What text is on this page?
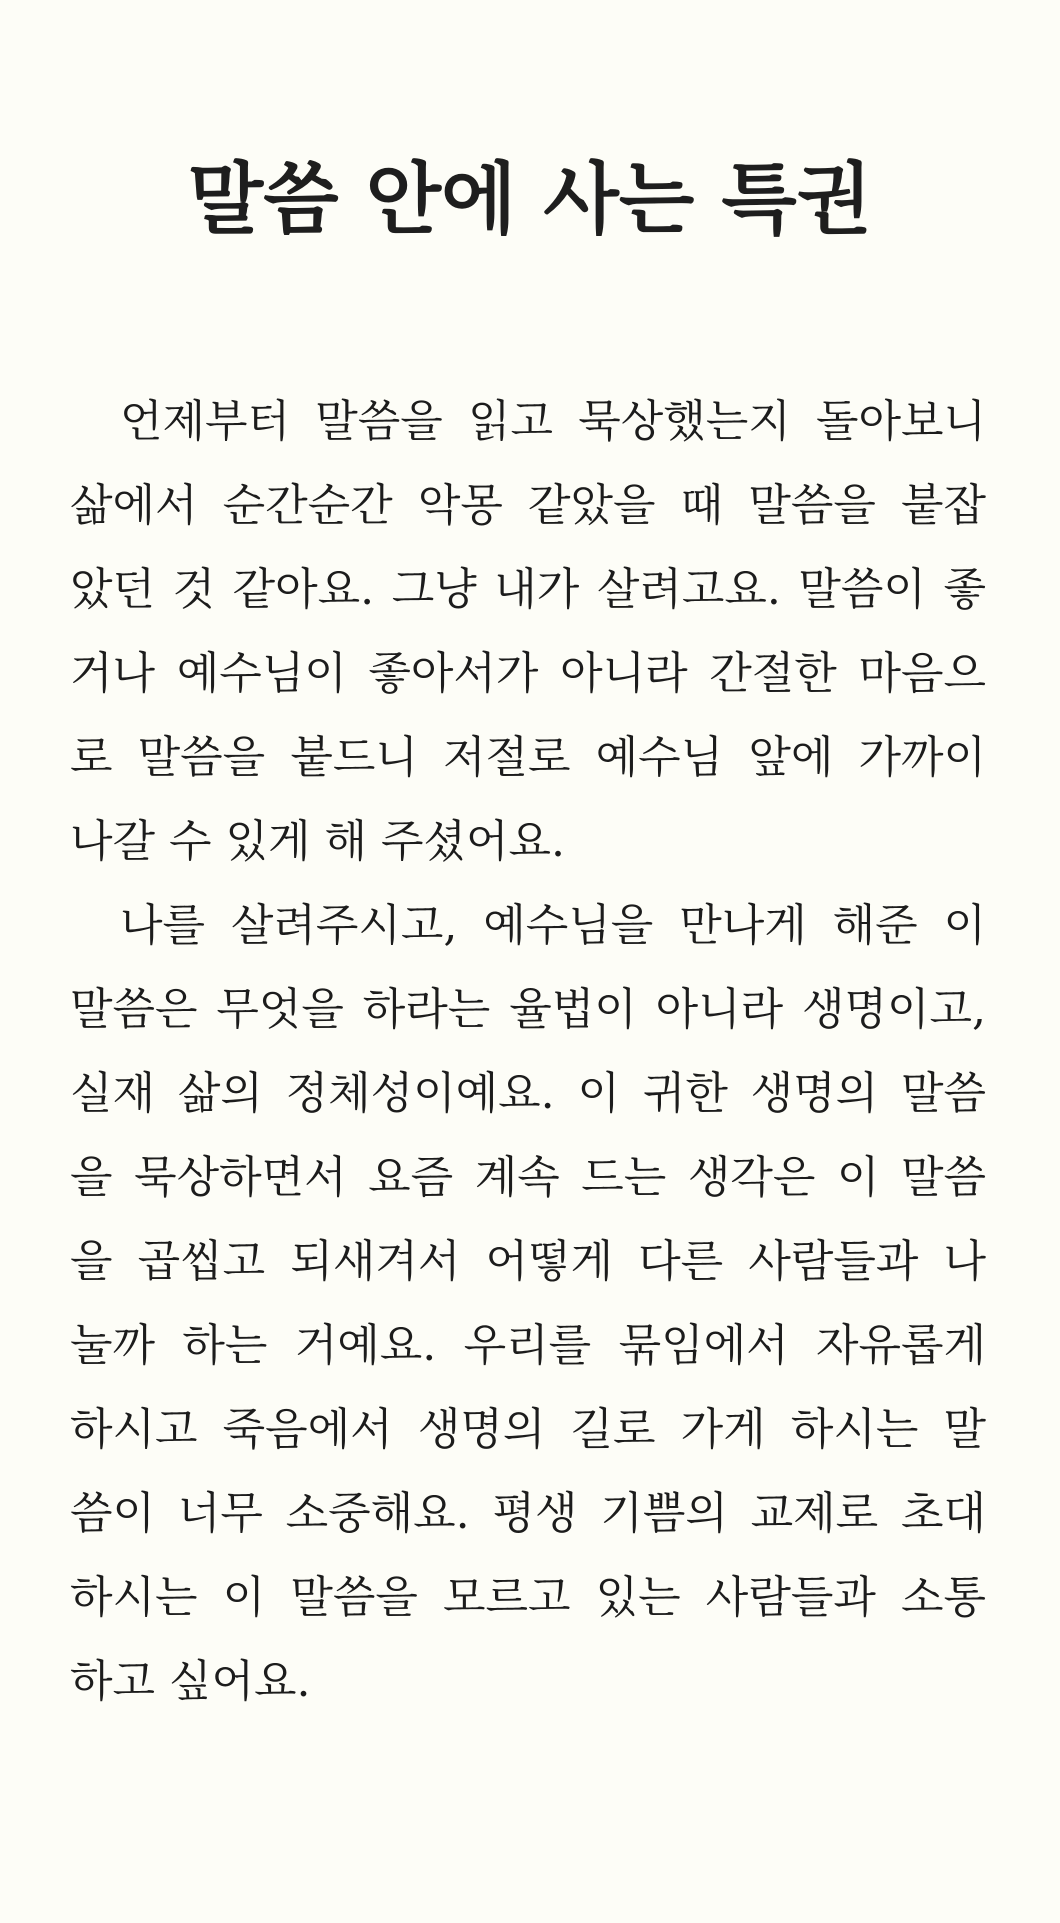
말씀 안에 사는 특권
언제부터 말씀을 읽고 묵상했는지 돌아보니
삶에서 순간순간 악몽 같았을 때 말씀을 붙잡
았던 것 같아요. 그냥 내가 살려고요. 말씀이 좋
거나 예수님이 좋아서가 아니라 간절한 마음으
로 말씀을 붙드니 저절로 예수님 앞에 가까이
나갈 수 있게 해 주셨어요.
나를 살려주시고, 예수님을 만나게 해준 이
말씀은 무엇을 하라는 율법이 아니라 생명이고,
실재 삶의 정체성이예요. 이 귀한 생명의 말씀
을 묵상하면서 요즘 계속 드는 생각은 이 말씀
을 곱씹고 되새겨서 어떻게 다른 사람들과 나
눌까 하는 거예요. 우리를 묶임에서 자유롭게
하시고 죽음에서 생명의 길로 가게 하시는 말
씀이 너무 소중해요. 평생 기쁨의 교제로 초대
하시는 이 말씀을 모르고 있는 사람들과 소통
하고 싶어요.
